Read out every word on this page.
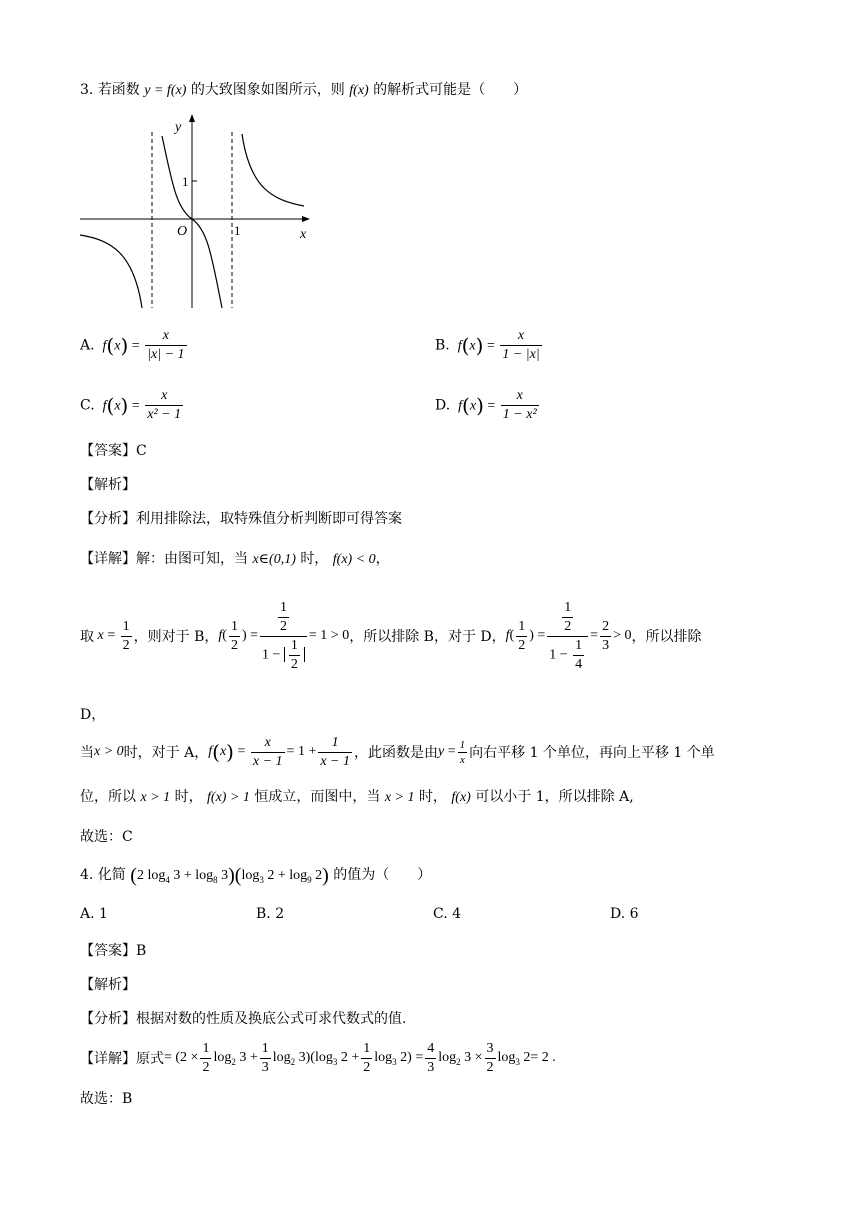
3. 若函数 y = f(x) 的大致图象如图所示，则 f(x) 的解析式可能是（　　）
y
x
O
1
1
A.  $f(x) = \frac{x}{|x| - 1}$	B.  $f(x) = \frac{x}{1 - |x|}$
C.  $f(x) = \frac{x}{\text{x² − 1}}$	D.  $f(x) = \frac{x}{\text{1 − x²}}$
【答案】C
【解析】
【分析】利用排除法，取特殊值分析判断即可得答案
【详解】解：由图可知，当 x∈(0,1) 时， f(x) < 0，
取 $x = \frac{1}{2}$ ，则对于 B， f ( $\frac{1}{2}$ ) = $\frac{\frac{1}{2}}{1 - \frac{1}{2}} = 1 > 0$ ，所以排除 B，对于 D， f ( $\frac{1}{2}$ ) = $\frac{\frac{1}{2}}{1 - \frac{1}{4}} = \frac{2}{3} > 0$ ，所以排除
D，
当 x > 0 时，对于 A， f ( x ) = $\frac{x}{x - 1} = 1 + \frac{1}{x - 1}$ ，此函数是由 $y = \frac{1}{x}$ 向右平移 1 个单位，再向上平移 1 个单
位，所以 x > 1 时， f(x) > 1 恒成立，而图中，当 x > 1 时， f(x) 可以小于 1，所以排除 A,
故选：C
4. 化简 (2 $\log_4 3 + \log_8 3)(\log_3$ $2 + \log_9 2$) 的值为（　　）
A. 1	B. 2	C. 4	D. 6
【答案】B
【解析】
【分析】根据对数的性质及换底公式可求代数式的值.
【详解】 原式 = $(2 \times \frac{1}{2} \log_2 3 + \frac{1}{3} \log_2 3)(\log_3$ $2 + \frac{1}{2} \log_3 2) = \frac{4}{3} \log_2 3 \times \frac{3}{2} \log_3 2 = 2$ .
故选：B
